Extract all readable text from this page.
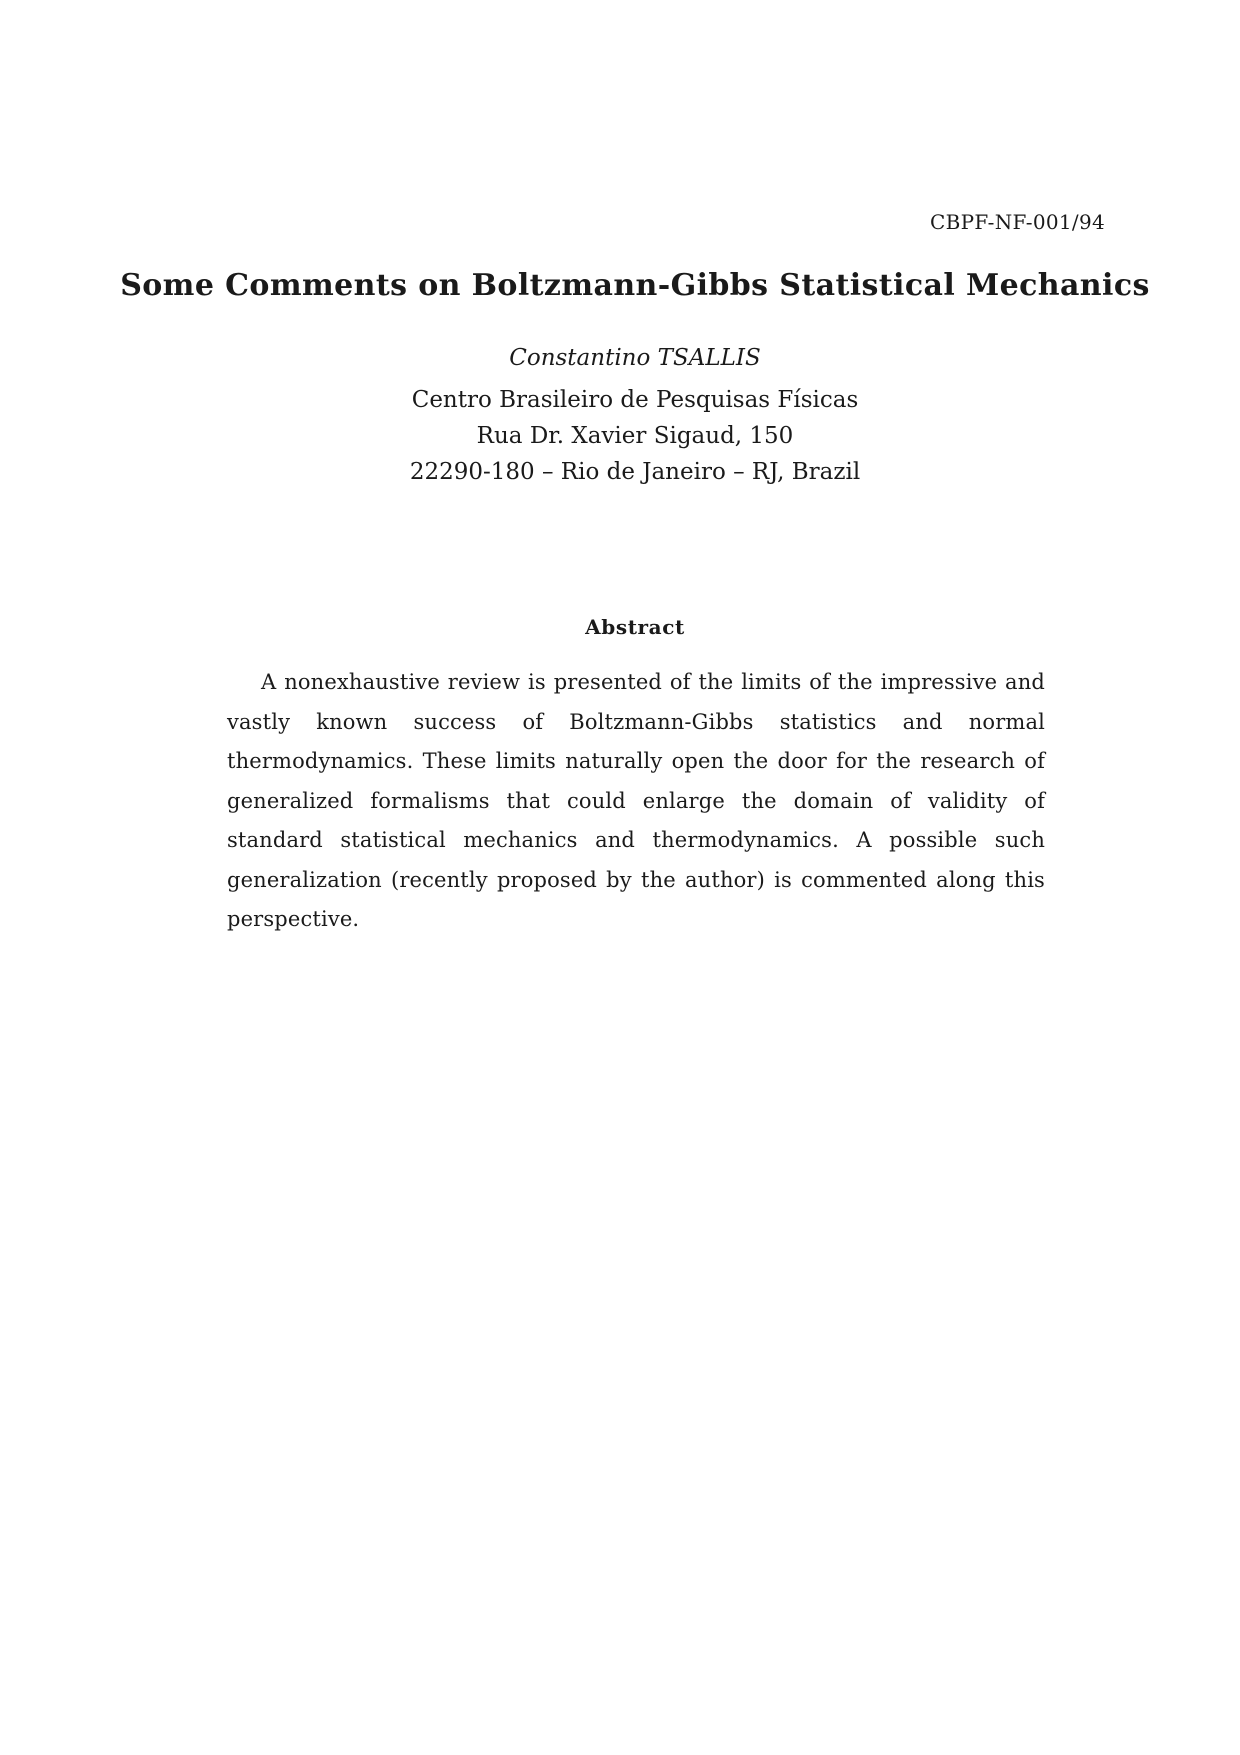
CBPF-NF-001/94
Some Comments on Boltzmann-Gibbs Statistical Mechanics
Constantino TSALLIS
Centro Brasileiro de Pesquisas Físicas
Rua Dr. Xavier Sigaud, 150
22290-180 – Rio de Janeiro – RJ, Brazil
Abstract
A nonexhaustive review is presented of the limits of the impressive and vastly known success of Boltzmann-Gibbs statistics and normal thermodynamics. These limits naturally open the door for the research of generalized formalisms that could enlarge the domain of validity of standard statistical mechanics and thermodynamics. A possible such generalization (recently proposed by the author) is commented along this perspective.
